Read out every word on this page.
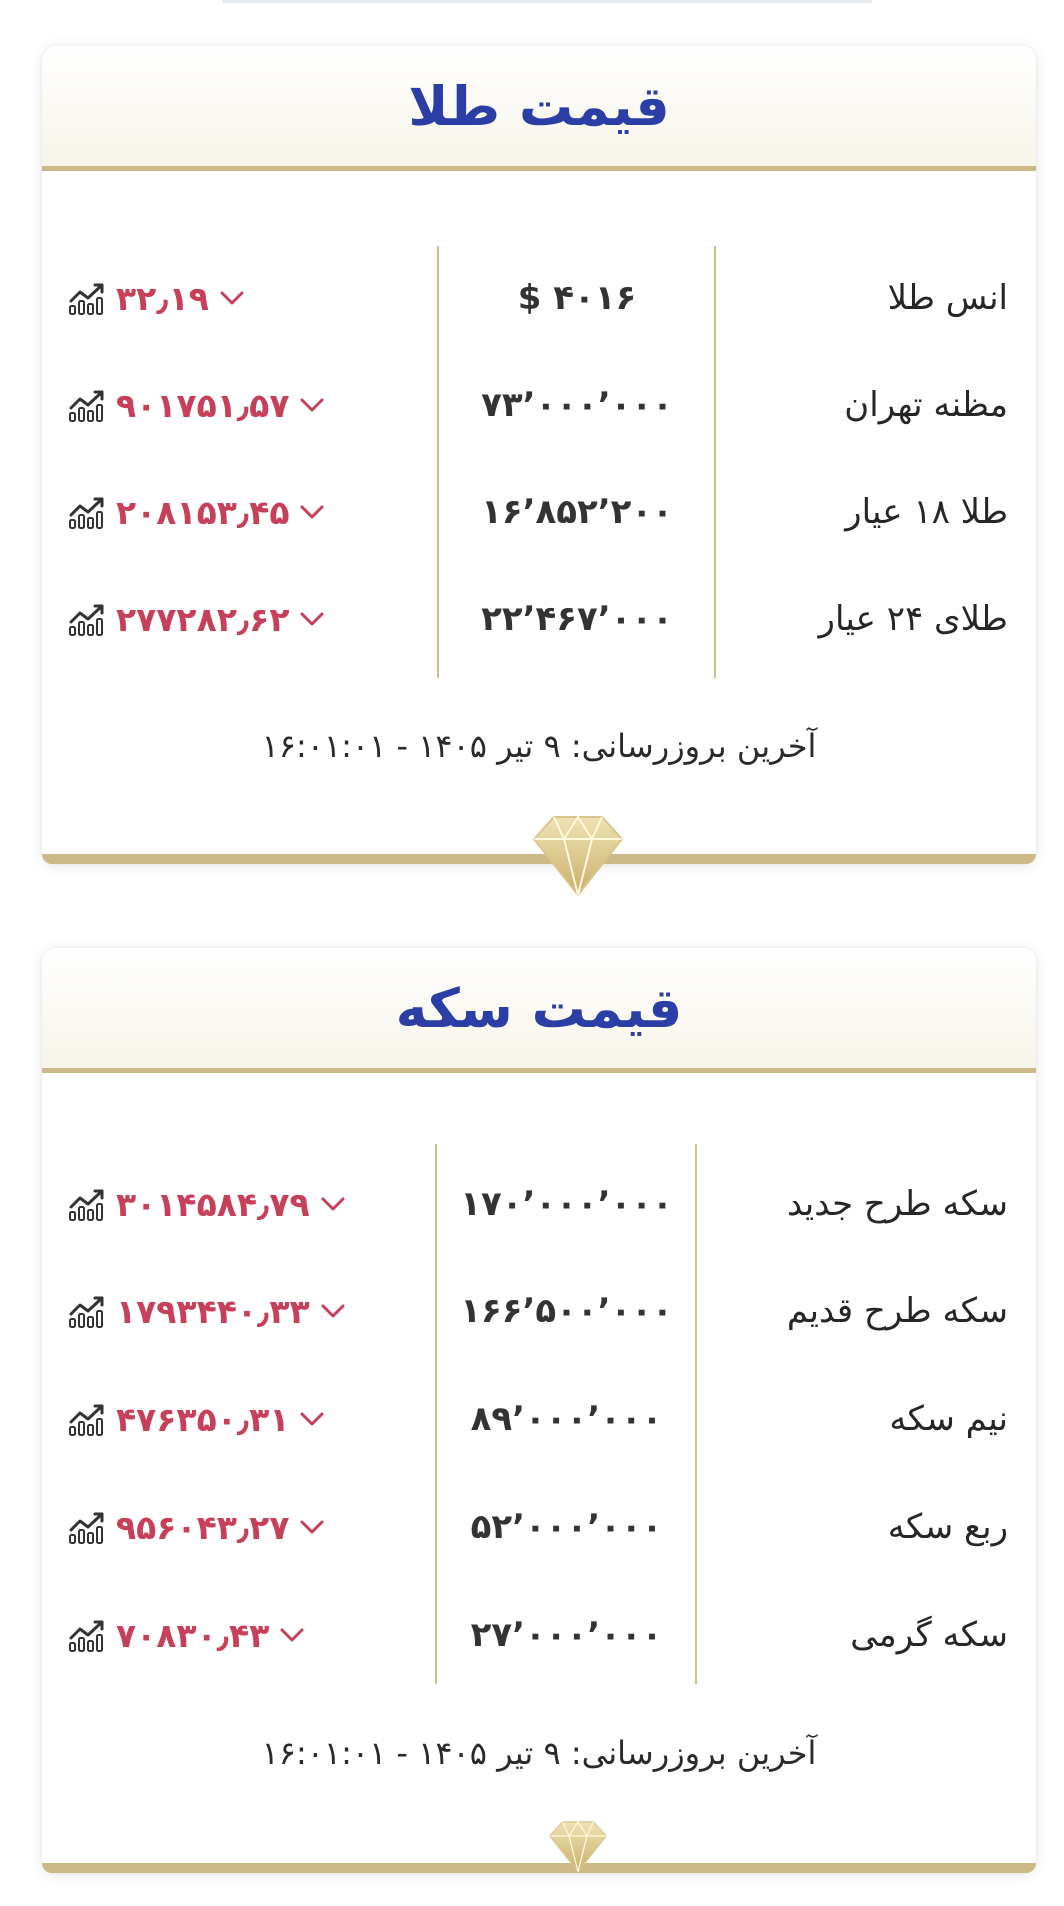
قیمت طلا
انس طلا
$ ۴۰۱۶
۳۲٫۱۹
مظنه تهران
۷۳٬۰۰۰٬۰۰۰
۹۰۱۷۵۱٫۵۷
طلا ۱۸ عیار
۱۶٬۸۵۲٬۲۰۰
۲۰۸۱۵۳٫۴۵
طلای ۲۴ عیار
۲۲٬۴۶۷٬۰۰۰
۲۷۷۲۸۲٫۶۲
آخرین بروزرسانی: ۹ تیر ۱۴۰۵ - ۱۶:۰۱:۰۱
قیمت سکه
سکه طرح جدید
۱۷۰٬۰۰۰٬۰۰۰
۳۰۱۴۵۸۴٫۷۹
سکه طرح قدیم
۱۶۶٬۵۰۰٬۰۰۰
۱۷۹۳۴۴۰٫۳۳
نیم سکه
۸۹٬۰۰۰٬۰۰۰
۴۷۶۳۵۰٫۳۱
ربع سکه
۵۲٬۰۰۰٬۰۰۰
۹۵۶۰۴۳٫۲۷
سکه گرمی
۲۷٬۰۰۰٬۰۰۰
۷۰۸۳۰٫۴۳
آخرین بروزرسانی: ۹ تیر ۱۴۰۵ - ۱۶:۰۱:۰۱
